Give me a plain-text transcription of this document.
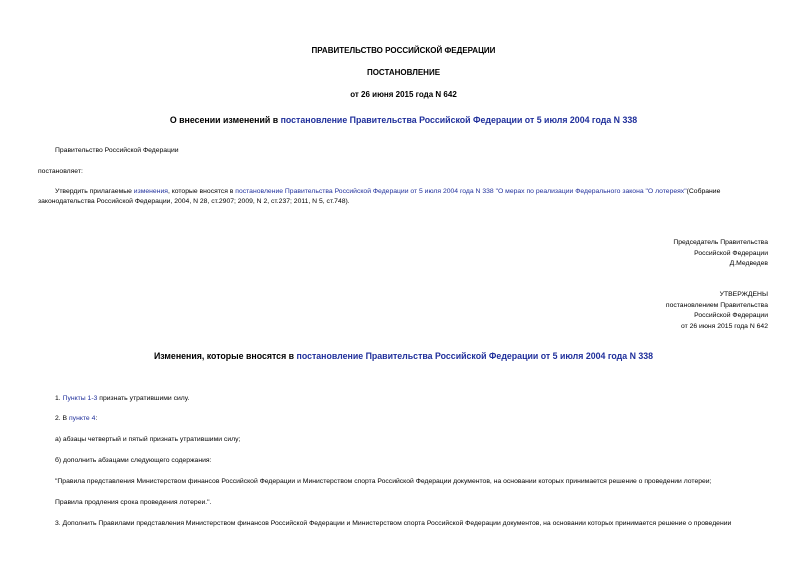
ПРАВИТЕЛЬСТВО РОССИЙСКОЙ ФЕДЕРАЦИИ
ПОСТАНОВЛЕНИЕ
от 26 июня 2015 года N 642
О внесении изменений в постановление Правительства Российской Федерации от 5 июля 2004 года N 338
Правительство Российской Федерации
постановляет:
Утвердить прилагаемые изменения, которые вносятся в постановление Правительства Российской Федерации от 5 июля 2004 года N 338 "О мерах по реализации Федерального закона "О лотереях"(Собрание
законодательства Российской Федерации, 2004, N 28, ст.2907; 2009, N 2, ст.237; 2011, N 5, ст.748).
Председатель Правительства
Российской Федерации
Д.Медведев
УТВЕРЖДЕНЫ
постановлением Правительства
Российской Федерации
от 26 июня 2015 года N 642
Изменения, которые вносятся в постановление Правительства Российской Федерации от 5 июля 2004 года N 338
1. Пункты 1-3 признать утратившими силу.
2. В пункте 4:
а) абзацы четвертый и пятый признать утратившими силу;
б) дополнить абзацами следующего содержания:
"Правила представления Министерством финансов Российской Федерации и Министерством спорта Российской Федерации документов, на основании которых принимается решение о проведении лотереи;
Правила продления срока проведения лотереи.".
3. Дополнить Правилами представления Министерством финансов Российской Федерации и Министерством спорта Российской Федерации документов, на основании которых принимается решение о проведении
